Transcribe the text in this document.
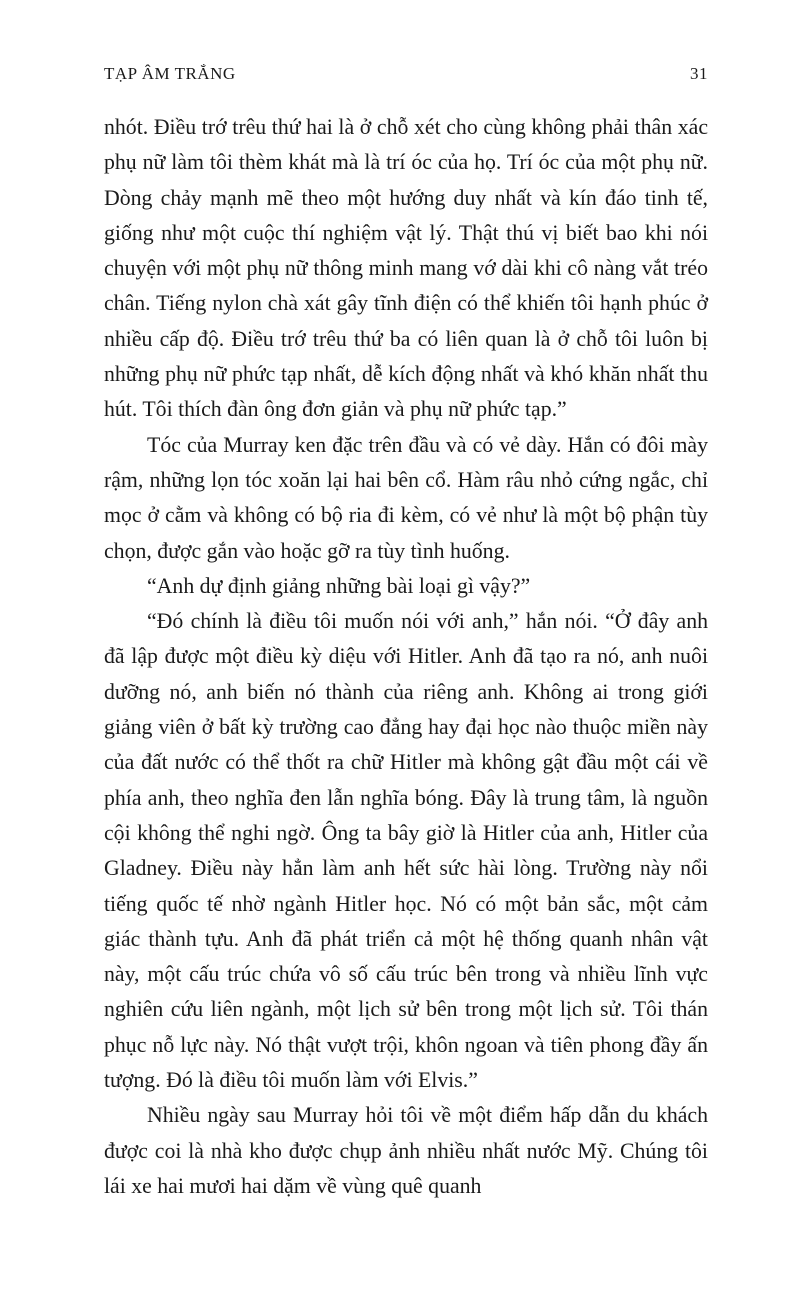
TẠP ÂM TRẮNG	31

nhót. Điều trớ trêu thứ hai là ở chỗ xét cho cùng không phải thân xác phụ nữ làm tôi thèm khát mà là trí óc của họ. Trí óc của một phụ nữ. Dòng chảy mạnh mẽ theo một hướng duy nhất và kín đáo tinh tế, giống như một cuộc thí nghiệm vật lý. Thật thú vị biết bao khi nói chuyện với một phụ nữ thông minh mang vớ dài khi cô nàng vắt tréo chân. Tiếng nylon chà xát gây tĩnh điện có thể khiến tôi hạnh phúc ở nhiều cấp độ. Điều trớ trêu thứ ba có liên quan là ở chỗ tôi luôn bị những phụ nữ phức tạp nhất, dễ kích động nhất và khó khăn nhất thu hút. Tôi thích đàn ông đơn giản và phụ nữ phức tạp.”

Tóc của Murray ken đặc trên đầu và có vẻ dày. Hắn có đôi mày rậm, những lọn tóc xoăn lại hai bên cổ. Hàm râu nhỏ cứng ngắc, chỉ mọc ở cằm và không có bộ ria đi kèm, có vẻ như là một bộ phận tùy chọn, được gắn vào hoặc gỡ ra tùy tình huống.

“Anh dự định giảng những bài loại gì vậy?”

“Đó chính là điều tôi muốn nói với anh,” hắn nói. “Ở đây anh đã lập được một điều kỳ diệu với Hitler. Anh đã tạo ra nó, anh nuôi dưỡng nó, anh biến nó thành của riêng anh. Không ai trong giới giảng viên ở bất kỳ trường cao đẳng hay đại học nào thuộc miền này của đất nước có thể thốt ra chữ Hitler mà không gật đầu một cái về phía anh, theo nghĩa đen lẫn nghĩa bóng. Đây là trung tâm, là nguồn cội không thể nghi ngờ. Ông ta bây giờ là Hitler của anh, Hitler của Gladney. Điều này hẳn làm anh hết sức hài lòng. Trường này nổi tiếng quốc tế nhờ ngành Hitler học. Nó có một bản sắc, một cảm giác thành tựu. Anh đã phát triển cả một hệ thống quanh nhân vật này, một cấu trúc chứa vô số cấu trúc bên trong và nhiều lĩnh vực nghiên cứu liên ngành, một lịch sử bên trong một lịch sử. Tôi thán phục nỗ lực này. Nó thật vượt trội, khôn ngoan và tiên phong đầy ấn tượng. Đó là điều tôi muốn làm với Elvis.”

Nhiều ngày sau Murray hỏi tôi về một điểm hấp dẫn du khách được coi là nhà kho được chụp ảnh nhiều nhất nước Mỹ. Chúng tôi lái xe hai mươi hai dặm về vùng quê quanh
